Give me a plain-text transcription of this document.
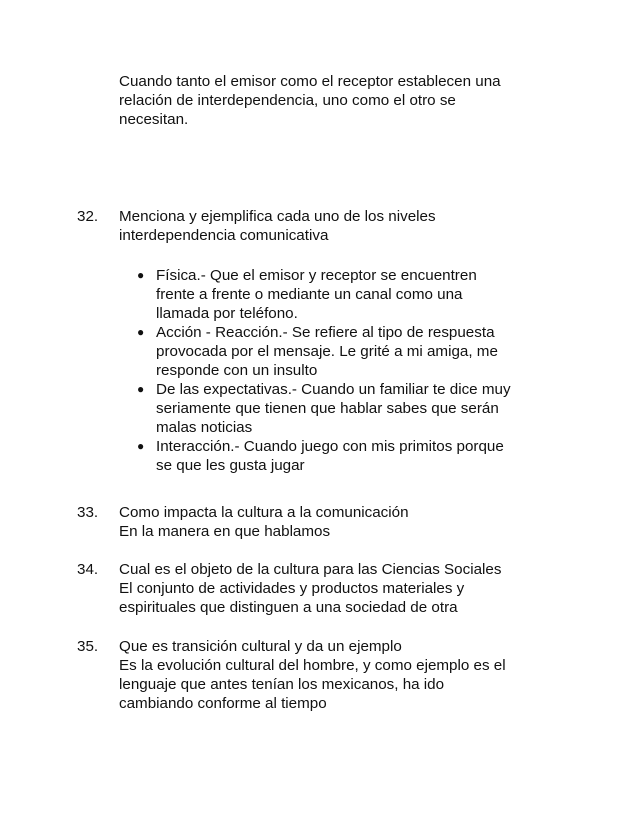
Cuando tanto el emisor como el receptor establecen una
relación de interdependencia, uno como el otro se
necesitan.
32. Menciona y ejemplifica cada uno de los niveles
interdependencia comunicativa
● Física.- Que el emisor y receptor se encuentren
frente a frente o mediante un canal como una
llamada por teléfono.
● Acción - Reacción.- Se refiere al tipo de respuesta
provocada por el mensaje. Le grité a mi amiga, me
responde con un insulto
● De las expectativas.- Cuando un familiar te dice muy
seriamente que tienen que hablar sabes que serán
malas noticias
● Interacción.- Cuando juego con mis primitos porque
se que les gusta jugar
33. Como impacta la cultura a la comunicación
En la manera en que hablamos
34. Cual es el objeto de la cultura para las Ciencias Sociales
El conjunto de actividades y productos materiales y
espirituales que distinguen a una sociedad de otra
35. Que es transición cultural y da un ejemplo
Es la evolución cultural del hombre, y como ejemplo es el
lenguaje que antes tenían los mexicanos, ha ido
cambiando conforme al tiempo
